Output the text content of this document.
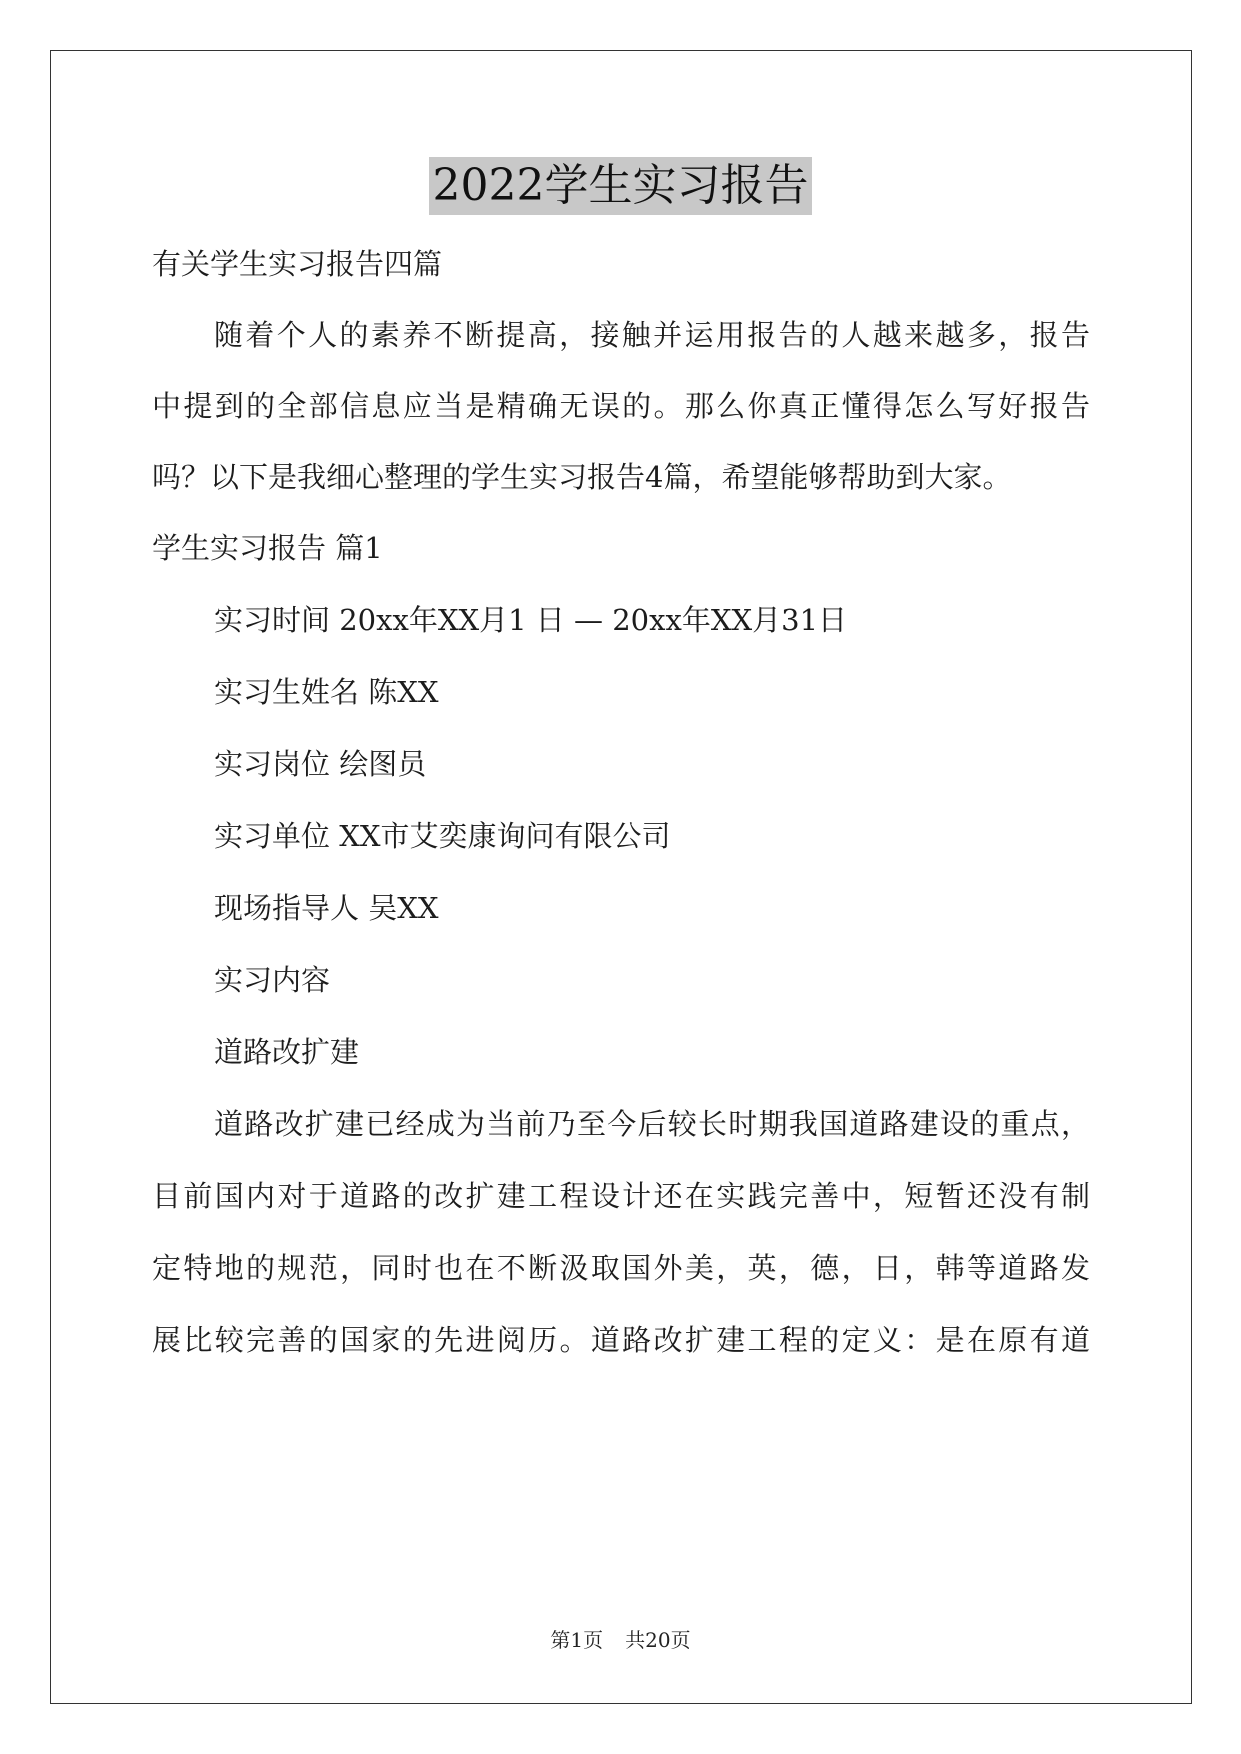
2022学生实习报告
有关学生实习报告四篇
随着个人的素养不断提高，接触并运用报告的人越来越多，报告
中提到的全部信息应当是精确无误的。那么你真正懂得怎么写好报告
吗？以下是我细心整理的学生实习报告4篇，希望能够帮助到大家。
学生实习报告 篇1
实习时间 20xx年XX月1 日 — 20xx年XX月31日
实习生姓名 陈XX
实习岗位 绘图员
实习单位 XX市艾奕康询问有限公司
现场指导人 吴XX
实习内容
道路改扩建
道路改扩建已经成为当前乃至今后较长时期我国道路建设的重点，
目前国内对于道路的改扩建工程设计还在实践完善中，短暂还没有制
定特地的规范，同时也在不断汲取国外美，英，德，日，韩等道路发
展比较完善的国家的先进阅历。道路改扩建工程的定义：是在原有道
第1页 共20页
